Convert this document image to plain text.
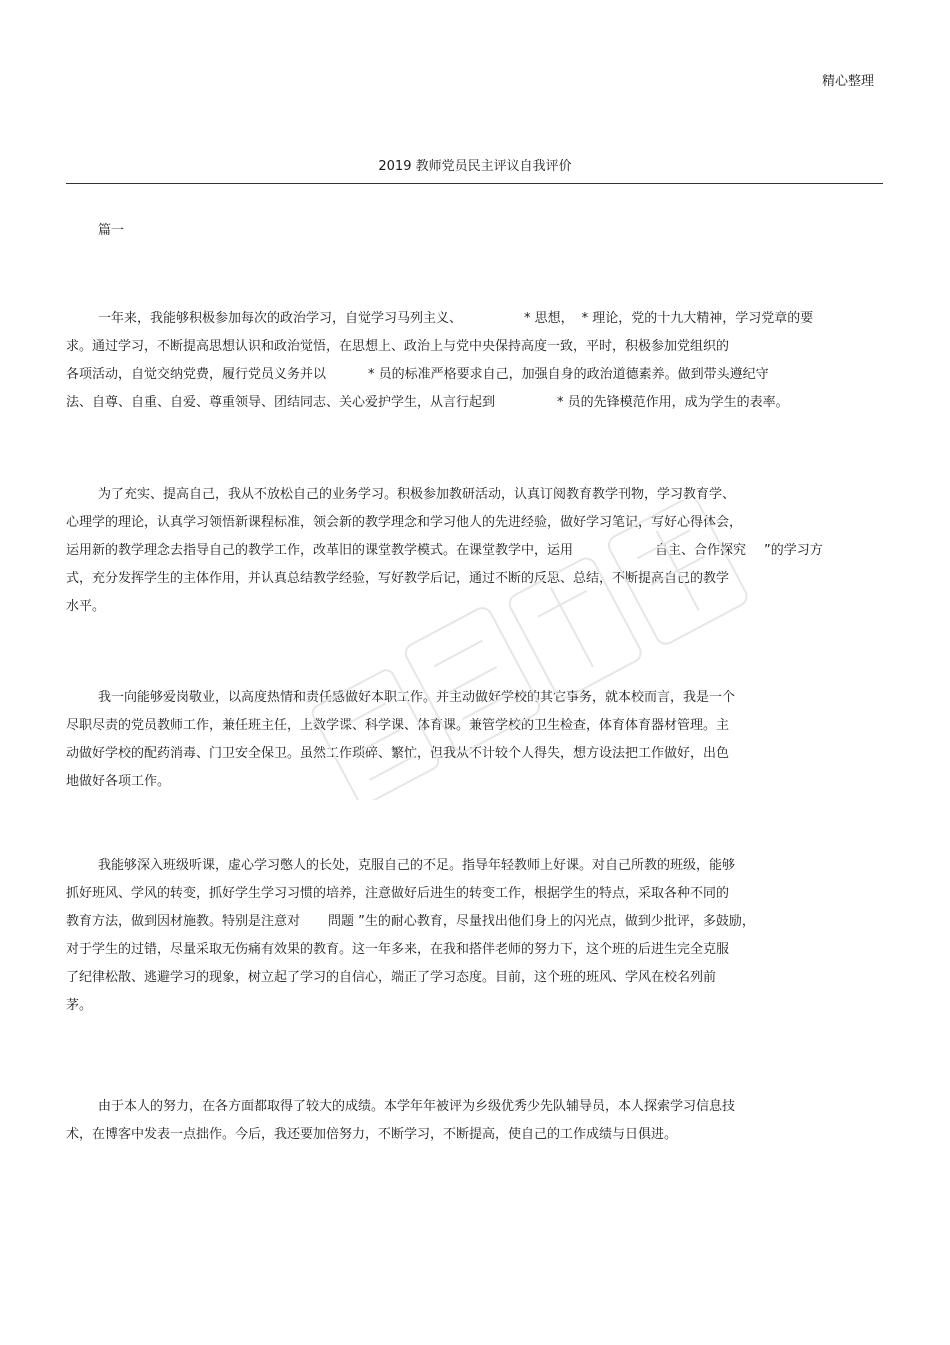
精心整理
2019 教师党员民主评议自我评价
篇一
一年来，我能够积极参加每次的政治学习，自觉学习马列主义、	* 思想， * 理论，党的十九大精神，学习党章的要
求。通过学习，不断提高思想认识和政治觉悟，在思想上、政治上与党中央保持高度一致，平时，积极参加党组织的
各项活动，自觉交纳党费，履行党员义务并以	* 员的标准严格要求自己，加强自身的政治道德素养。做到带头遵纪守
法、自尊、自重、自爱、尊重领导、团结同志、关心爱护学生，从言行起到	* 员的先锋模范作用，成为学生的表率。
为了充实、提高自己，我从不放松自己的业务学习。积极参加教研活动，认真订阅教育教学刊物，学习教育学、
心理学的理论，认真学习领悟新课程标准，领会新的教学理念和学习他人的先进经验，做好学习笔记，写好心得体会，
运用新的教学理念去指导自己的教学工作，改革旧的课堂教学模式。在课堂教学中，运用	自主、合作探究 ”的学习方
式，充分发挥学生的主体作用，并认真总结教学经验，写好教学后记，通过不断的反思、总结，不断提高自己的教学
水平。
我一向能够爱岗敬业，以高度热情和责任感做好本职工作。并主动做好学校的其它事务，就本校而言，我是一个
尽职尽责的党员教师工作，兼任班主任，上数学课、科学课、体育课。兼管学校的卫生检查，体育体育器材管理。主
动做好学校的配药消毒、门卫安全保卫。虽然工作琐碎、繁忙，但我从不计较个人得失，想方设法把工作做好，出色
地做好各项工作。
我能够深入班级听课，虚心学习憋人的长处，克服自己的不足。指导年轻教师上好课。对自己所教的班级，能够
抓好班风、学风的转变，抓好学生学习习惯的培养，注意做好后进生的转变工作，根据学生的特点，采取各种不同的
教育方法，做到因材施教。特别是注意对 問题 ”生的耐心教育，尽量找出他们身上的闪光点，做到少批评，多鼓励，
对于学生的过错，尽量采取无伤痛有效果的教育。这一年多来，在我和搭伴老师的努力下，这个班的后进生完全克服
了纪律松散、逃避学习的现象，树立起了学习的自信心，端正了学习态度。目前，这个班的班风、学风在校名列前
茅。
由于本人的努力，在各方面都取得了较大的成绩。本学年年被评为乡级优秀少先队辅导员，本人探索学习信息技
术，在博客中发表一点拙作。今后，我还要加倍努力，不断学习，不断提高，使自己的工作成绩与日俱进。
